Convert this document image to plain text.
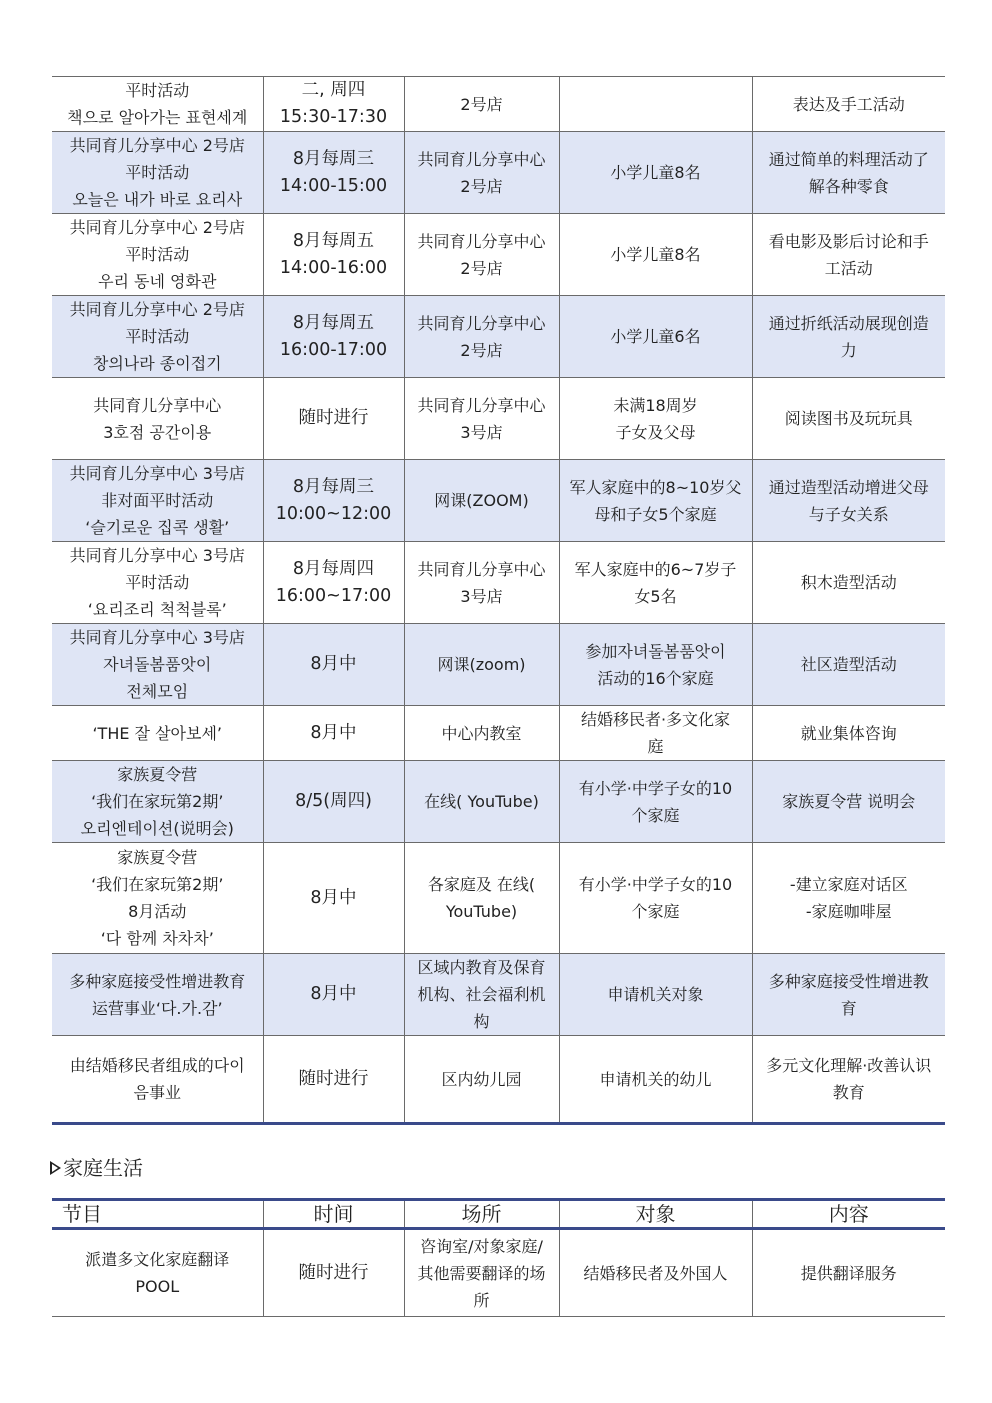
平时活动
책으로 알아가는 표현세계	二, 周四
15:30-17:30	2号店		表达及手工活动

共同育儿分享中心 2号店
平时活动
오늘은 내가 바로 요리사	8月每周三
14:00-15:00	共同育儿分享中心
2号店	小学儿童8名	通过简单的料理活动了
解各种零食

共同育儿分享中心 2号店
平时活动
우리 동네 영화관	8月每周五
14:00-16:00	共同育儿分享中心
2号店	小学儿童8名	看电影及影后讨论和手
工活动

共同育儿分享中心 2号店
平时活动
창의나라 종이접기	8月每周五
16:00-17:00	共同育儿分享中心
2号店	小学儿童6名	通过折纸活动展现创造
力

共同育儿分享中心
3호점 공간이용	随时进行	共同育儿分享中心
3号店	未满18周岁
子女及父母	阅读图书及玩玩具

共同育儿分享中心 3号店
非对面平时活动
‘슬기로운 집콕 생활’	8月每周三
10:00~12:00	网课(ZOOM)	军人家庭中的8~10岁父
母和子女5个家庭	通过造型活动增进父母
与子女关系

共同育儿分享中心 3号店
平时活动
‘요리조리 척척블록’	8月每周四
16:00~17:00	共同育儿分享中心
3号店	军人家庭中的6~7岁子
女5名	积木造型活动

共同育儿分享中心 3号店
자녀돌봄품앗이
전체모임	8月中	网课(zoom)	参加자녀돌봄품앗이
活动的16个家庭	社区造型活动

‘THE 잘 살아보세’	8月中	中心内教室	结婚移民者·多文化家
庭	就业集体咨询

家族夏令营
‘我们在家玩第2期’
오리엔테이션(说明会)	8/5(周四)	在线( YouTube)	有小学·中学子女的10
个家庭	家族夏令营 说明会

家族夏令营
‘我们在家玩第2期’
8月活动
‘다 함께 차차차’	8月中	各家庭及 在线(
YouTube)	有小学·中学子女的10
个家庭	-建立家庭对话区
-家庭咖啡屋

多种家庭接受性增进教育
运营事业‘다.가.감’	8月中	区域内教育及保育
机构、社会福利机
构	申请机关对象	多种家庭接受性增进教
育

由结婚移民者组成的다이
음事业	随时进行	区内幼儿园	申请机关的幼儿	多元文化理解·改善认识
教育
家庭生活
节目	时间	场所	对象	内容

派遣多文化家庭翻译
POOL	随时进行	咨询室/对象家庭/
其他需要翻译的场
所	结婚移民者及外国人	提供翻译服务
